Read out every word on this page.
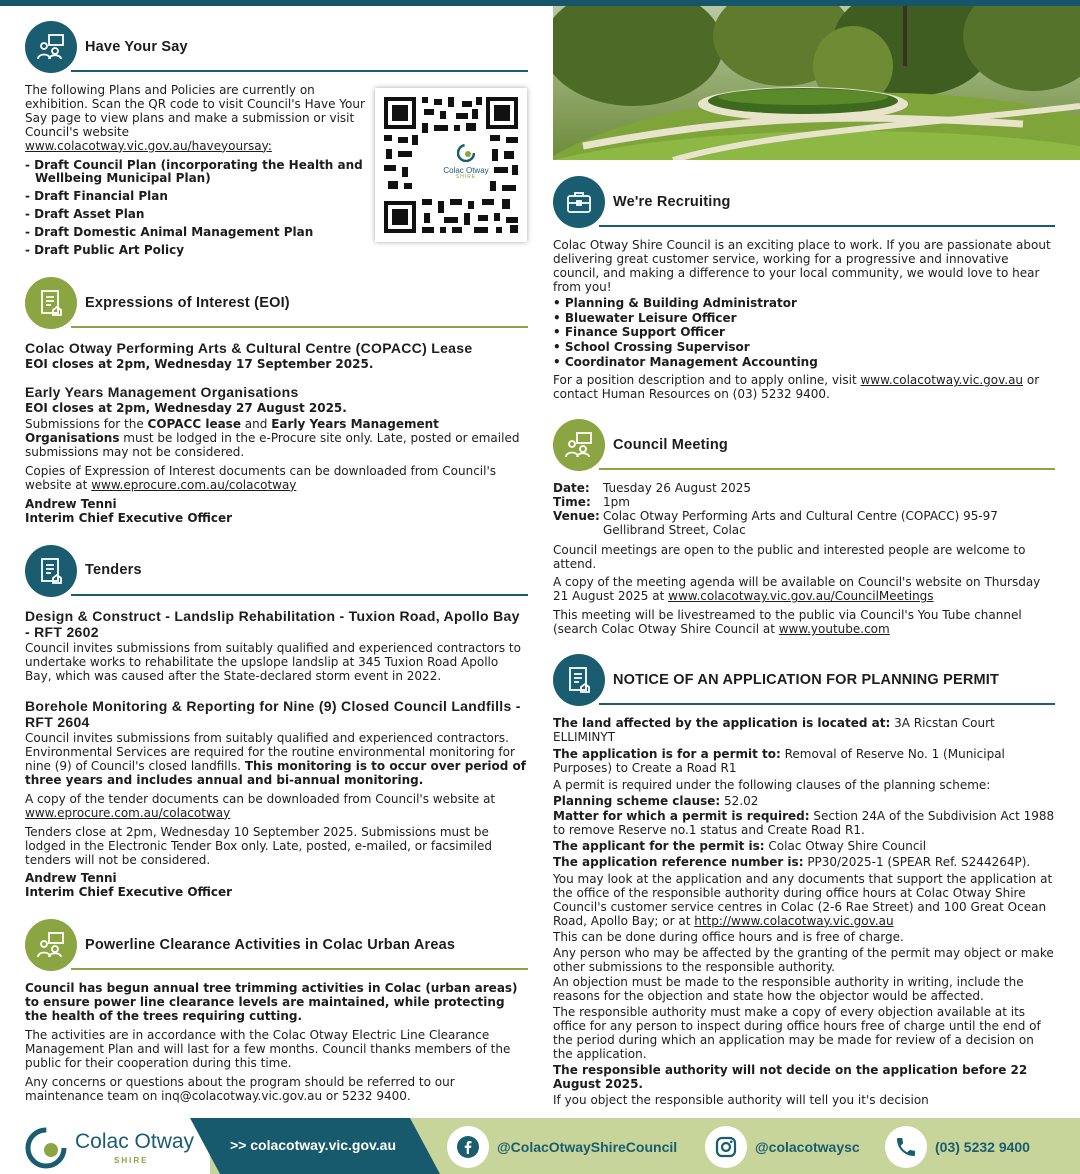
Colac Otway
SHIRE
Have Your Say

The following Plans and Policies are currently on exhibition. Scan the QR code to visit Council's Have Your Say page to view plans and make a submission or visit Council's website www.colacotway.vic.gov.au/haveyoursay:

- Draft Council Plan (incorporating the Health and Wellbeing Municipal Plan)
- Draft Financial Plan
- Draft Asset Plan
- Draft Domestic Animal Management Plan
- Draft Public Art Policy
Expressions of Interest (EOI)
Colac Otway Performing Arts & Cultural Centre (COPACC) Lease

EOI closes at 2pm, Wednesday 17 September 2025.

Early Years Management Organisations

EOI closes at 2pm, Wednesday 27 August 2025.

Submissions for the COPACC lease and Early Years Management Organisations must be lodged in the e-Procure site only. Late, posted or emailed submissions may not be considered.

Copies of Expression of Interest documents can be downloaded from Council's website at www.eprocure.com.au/colacotway

Andrew Tenni
Interim Chief Executive Officer
Tenders
Design & Construct - Landslip Rehabilitation - Tuxion Road, Apollo Bay - RFT 2602

Council invites submissions from suitably qualified and experienced contractors to undertake works to rehabilitate the upslope landslip at 345 Tuxion Road Apollo Bay, which was caused after the State-declared storm event in 2022.

Borehole Monitoring & Reporting for Nine (9) Closed Council Landfills - RFT 2604

Council invites submissions from suitably qualified and experienced contractors. Environmental Services are required for the routine environmental monitoring for nine (9) of Council's closed landfills. This monitoring is to occur over period of three years and includes annual and bi-annual monitoring.

A copy of the tender documents can be downloaded from Council's website at www.eprocure.com.au/colacotway

Tenders close at 2pm, Wednesday 10 September 2025. Submissions must be lodged in the Electronic Tender Box only. Late, posted, e-mailed, or facsimiled tenders will not be considered.

Andrew Tenni
Interim Chief Executive Officer
Powerline Clearance Activities in Colac Urban Areas

Council has begun annual tree trimming activities in Colac (urban areas) to ensure power line clearance levels are maintained, while protecting the health of the trees requiring cutting.

The activities are in accordance with the Colac Otway Electric Line Clearance Management Plan and will last for a few months. Council thanks members of the public for their cooperation during this time.

Any concerns or questions about the program should be referred to our maintenance team on inq@colacotway.vic.gov.au or 5232 9400.

We're Recruiting

Colac Otway Shire Council is an exciting place to work. If you are passionate about delivering great customer service, working for a progressive and innovative council, and making a difference to your local community, we would love to hear from you!

• Planning & Building Administrator
• Bluewater Leisure Officer
• Finance Support Officer
• School Crossing Supervisor
• Coordinator Management Accounting

For a position description and to apply online, visit www.colacotway.vic.gov.au or contact Human Resources on (03) 5232 9400.

Council Meeting
Date:	Tuesday 26 August 2025
Time:	1pm
Venue: Colac Otway Performing Arts and Cultural Centre (COPACC) 95-97 Gellibrand Street, Colac

Council meetings are open to the public and interested people are welcome to attend.

A copy of the meeting agenda will be available on Council's website on Thursday 21 August 2025 at www.colacotway.vic.gov.au/CouncilMeetings

This meeting will be livestreamed to the public via Council's You Tube channel (search Colac Otway Shire Council at www.youtube.com

NOTICE OF AN APPLICATION FOR PLANNING PERMIT

The land affected by the application is located at: 3A Ricstan Court ELLIMINYT

The application is for a permit to: Removal of Reserve No. 1 (Municipal Purposes) to Create a Road R1

A permit is required under the following clauses of the planning scheme:

Planning scheme clause: 52.02

Matter for which a permit is required: Section 24A of the Subdivision Act 1988 to remove Reserve no.1 status and Create Road R1.

The applicant for the permit is: Colac Otway Shire Council

The application reference number is: PP30/2025-1 (SPEAR Ref. S244264P).

You may look at the application and any documents that support the application at the office of the responsible authority during office hours at Colac Otway Shire Council's customer service centres in Colac (2-6 Rae Street) and 100 Great Ocean Road, Apollo Bay; or at http://www.colacotway.vic.gov.au

This can be done during office hours and is free of charge.

Any person who may be affected by the granting of the permit may object or make other submissions to the responsible authority.

An objection must be made to the responsible authority in writing, include the reasons for the objection and state how the objector would be affected.

The responsible authority must make a copy of every objection available at its office for any person to inspect during office hours free of charge until the end of the period during which an application may be made for review of a decision on the application.

The responsible authority will not decide on the application before 22 August 2025.

If you object the responsible authority will tell you it's decision

Colac Otway
SHIRE
>> colacotway.vic.gov.au	@ColacOtwayShireCouncil	@colacotwaysc	(03) 5232 9400
